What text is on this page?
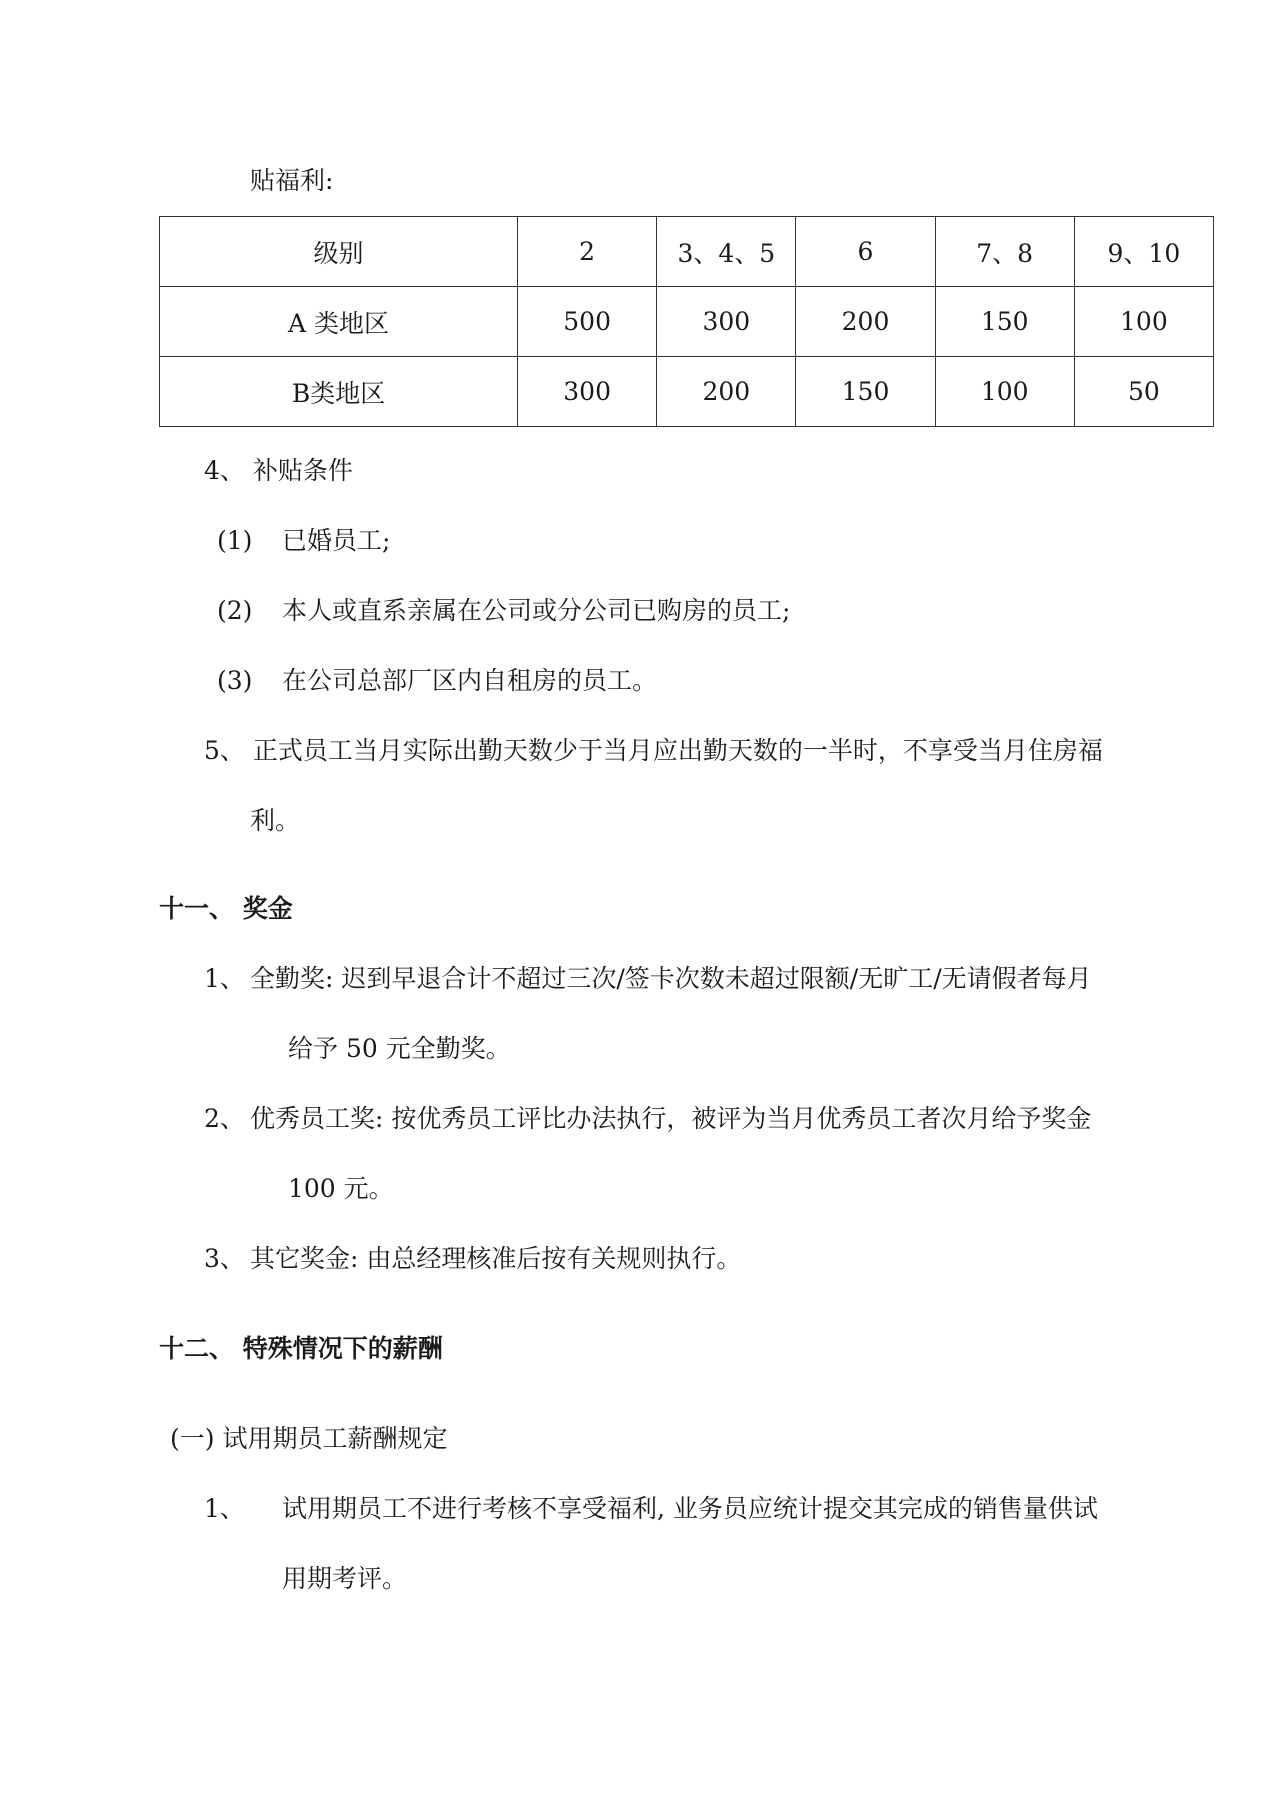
贴福利:
级别	2	3、4、5	6	7、8	9、10
A 类地区	500	300	200	150	100
B类地区	300	200	150	100	50
4、 补贴条件
(1) 已婚员工;
(2) 本人或直系亲属在公司或分公司已购房的员工;
(3) 在公司总部厂区内自租房的员工。
5、 正式员工当月实际出勤天数少于当月应出勤天数的一半时，不享受当月住房福
利。
十一、 奖金
1、 全勤奖: 迟到早退合计不超过三次/签卡次数未超过限额/无旷工/无请假者每月
给予 50 元全勤奖。
2、 优秀员工奖: 按优秀员工评比办法执行，被评为当月优秀员工者次月给予奖金
100 元。
3、 其它奖金: 由总经理核准后按有关规则执行。
十二、 特殊情况下的薪酬
(一) 试用期员工薪酬规定
1、 试用期员工不进行考核不享受福利, 业务员应统计提交其完成的销售量供试
用期考评。
